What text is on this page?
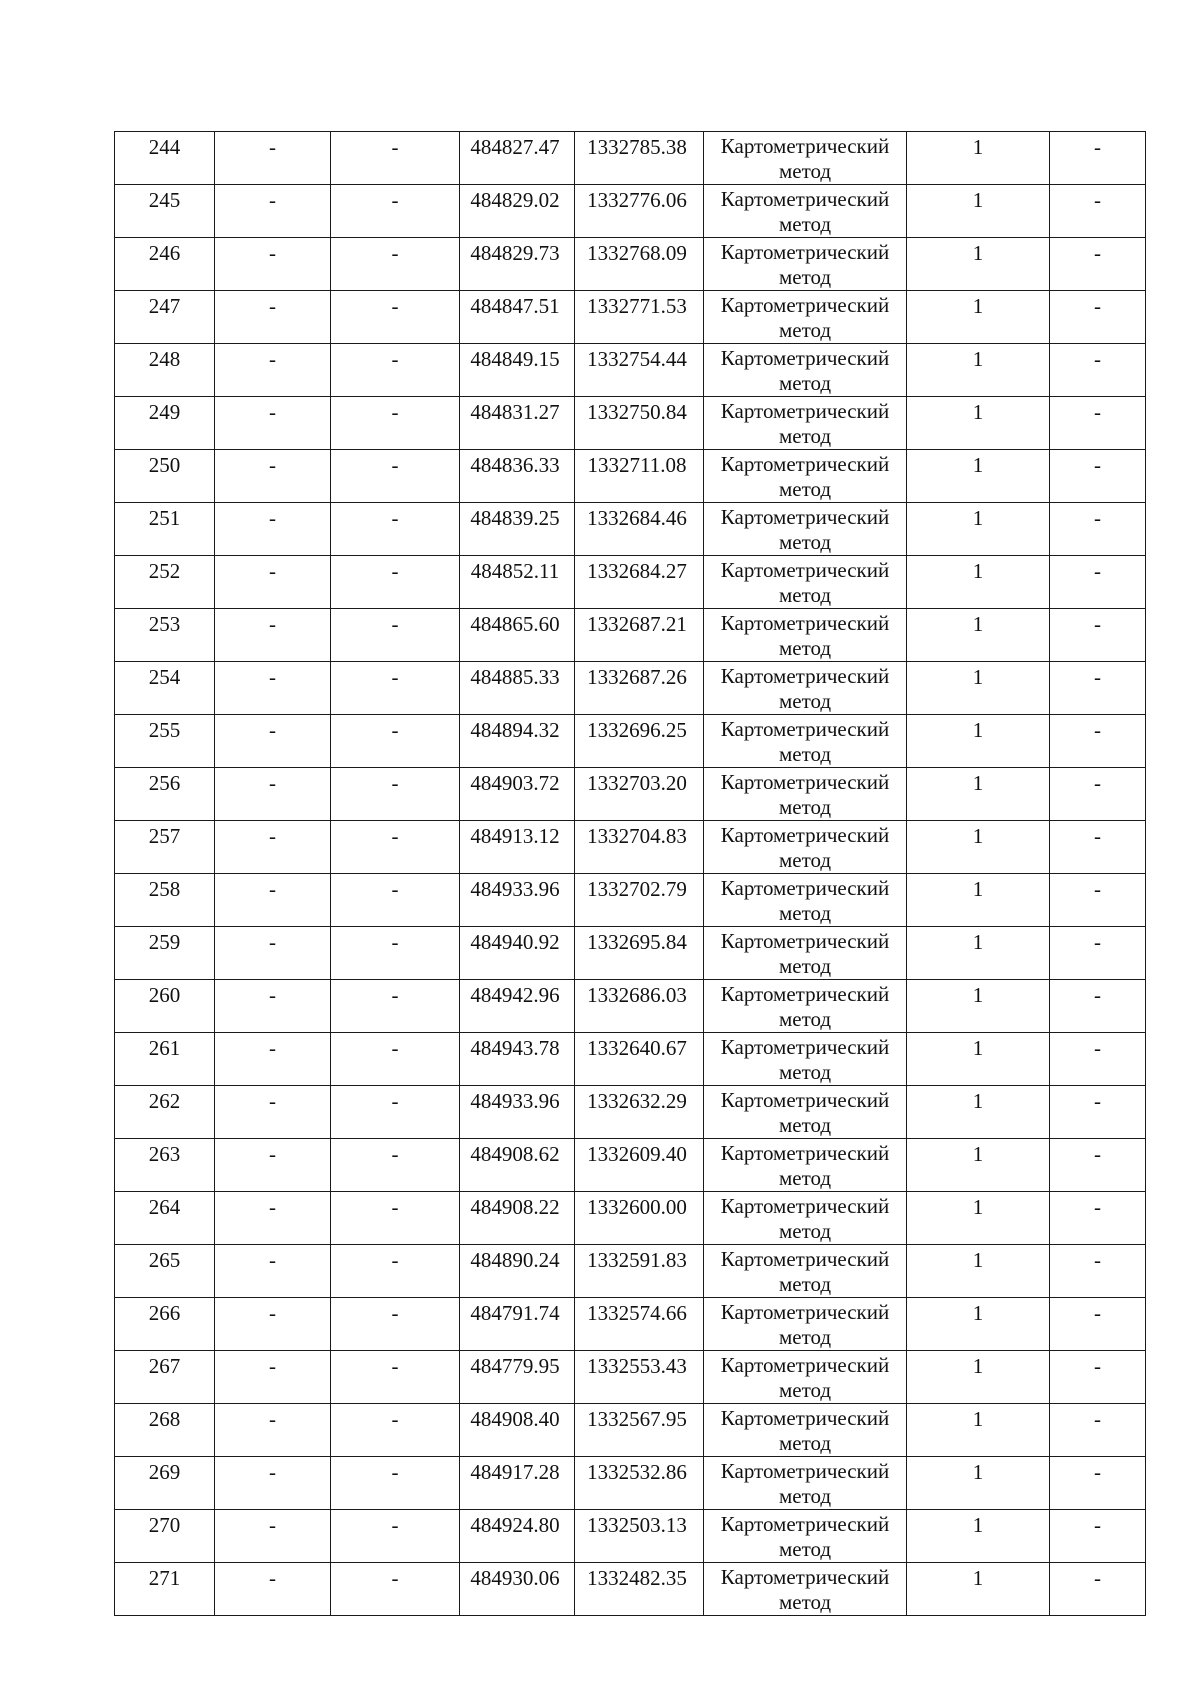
244	-	-	484827.47	1332785.38	Картометрический метод	1	-

245	-	-	484829.02	1332776.06	Картометрический метод	1	-

246	-	-	484829.73	1332768.09	Картометрический метод	1	-

247	-	-	484847.51	1332771.53	Картометрический метод	1	-

248	-	-	484849.15	1332754.44	Картометрический метод	1	-

249	-	-	484831.27	1332750.84	Картометрический метод	1	-

250	-	-	484836.33	1332711.08	Картометрический метод	1	-

251	-	-	484839.25	1332684.46	Картометрический метод	1	-

252	-	-	484852.11	1332684.27	Картометрический метод	1	-

253	-	-	484865.60	1332687.21	Картометрический метод	1	-

254	-	-	484885.33	1332687.26	Картометрический метод	1	-

255	-	-	484894.32	1332696.25	Картометрический метод	1	-

256	-	-	484903.72	1332703.20	Картометрический метод	1	-

257	-	-	484913.12	1332704.83	Картометрический метод	1	-

258	-	-	484933.96	1332702.79	Картометрический метод	1	-

259	-	-	484940.92	1332695.84	Картометрический метод	1	-

260	-	-	484942.96	1332686.03	Картометрический метод	1	-

261	-	-	484943.78	1332640.67	Картометрический метод	1	-

262	-	-	484933.96	1332632.29	Картометрический метод	1	-

263	-	-	484908.62	1332609.40	Картометрический метод	1	-

264	-	-	484908.22	1332600.00	Картометрический метод	1	-

265	-	-	484890.24	1332591.83	Картометрический метод	1	-

266	-	-	484791.74	1332574.66	Картометрический метод	1	-

267	-	-	484779.95	1332553.43	Картометрический метод	1	-

268	-	-	484908.40	1332567.95	Картометрический метод	1	-

269	-	-	484917.28	1332532.86	Картометрический метод	1	-

270	-	-	484924.80	1332503.13	Картометрический метод	1	-

271	-	-	484930.06	1332482.35	Картометрический метод	1	-
